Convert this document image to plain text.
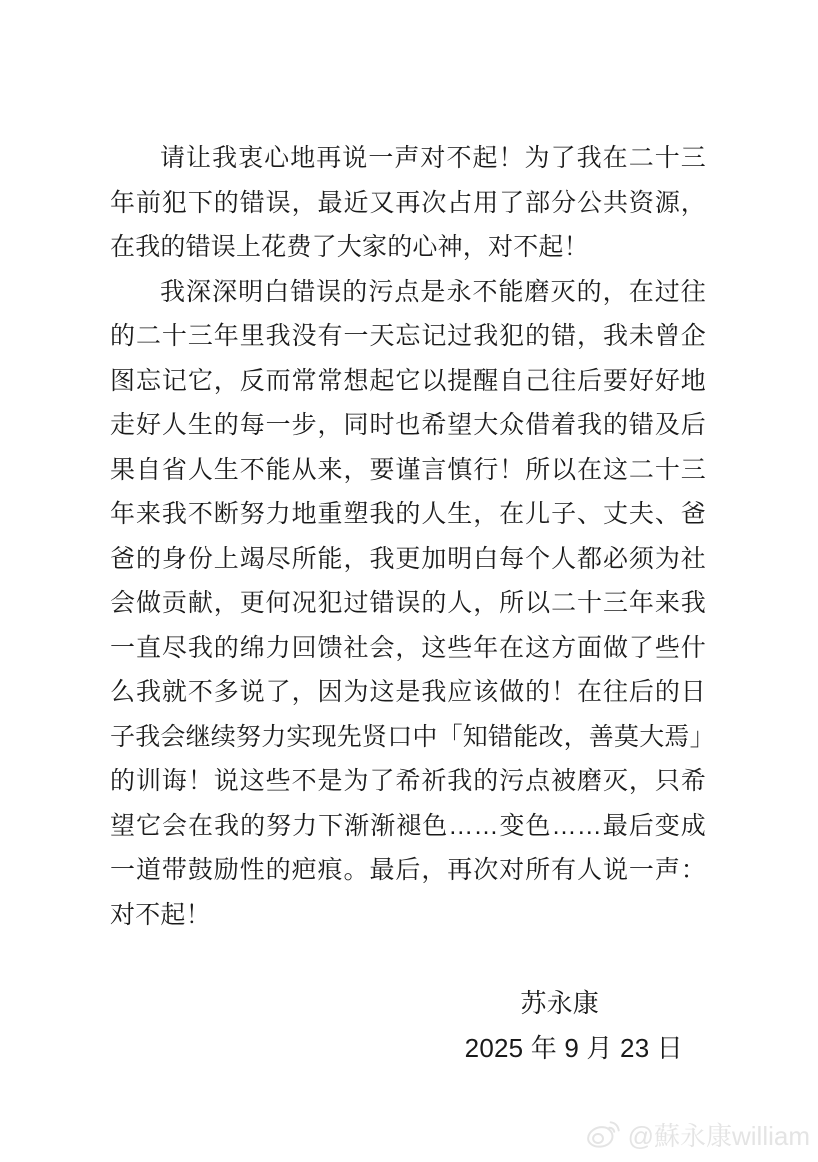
请让我衷心地再说一声对不起！为了我在二十三
年前犯下的错误，最近又再次占用了部分公共资源，
在我的错误上花费了大家的心神，对不起！
我深深明白错误的污点是永不能磨灭的，在过往
的二十三年里我没有一天忘记过我犯的错，我未曾企
图忘记它，反而常常想起它以提醒自己往后要好好地
走好人生的每一步，同时也希望大众借着我的错及后
果自省人生不能从来，要谨言慎行！所以在这二十三
年来我不断努力地重塑我的人生，在儿子、丈夫、爸
爸的身份上竭尽所能，我更加明白每个人都必须为社
会做贡献，更何况犯过错误的人，所以二十三年来我
一直尽我的绵力回馈社会，这些年在这方面做了些什
么我就不多说了，因为这是我应该做的！在往后的日
子我会继续努力实现先贤口中「知错能改，善莫大焉」
的训诲！说这些不是为了希祈我的污点被磨灭，只希
望它会在我的努力下渐渐褪色……变色……最后变成
一道带鼓励性的疤痕。最后，再次对所有人说一声：
对不起！
苏永康
2025 年 9 月 23 日
@蘇永康william
